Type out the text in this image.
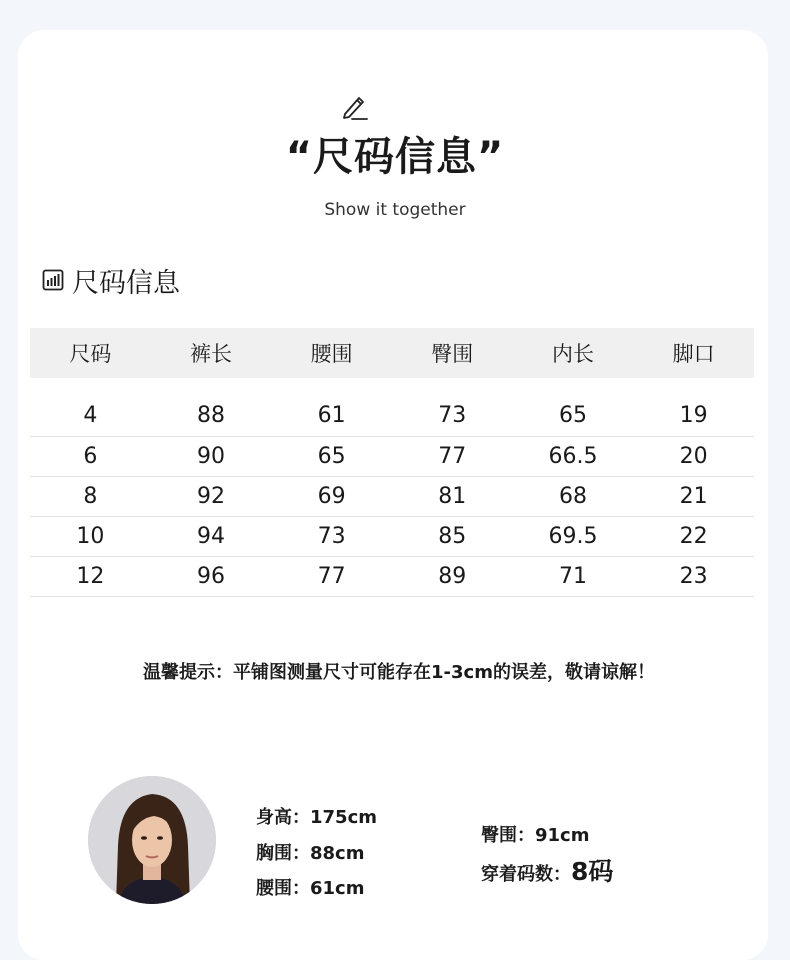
“尺码信息”
Show it together
尺码信息
尺码	裤长	腰围	臀围	内长	脚口

4	88	61	73	65	19
6	90	65	77	66.5	20
8	92	69	81	68	21
10	94	73	85	69.5	22
12	96	77	89	71	23
温馨提示：平铺图测量尺寸可能存在1-3cm的误差，敬请谅解！
身高：175cm
胸围：88cm
腰围：61cm
臀围：91cm
穿着码数：8码
